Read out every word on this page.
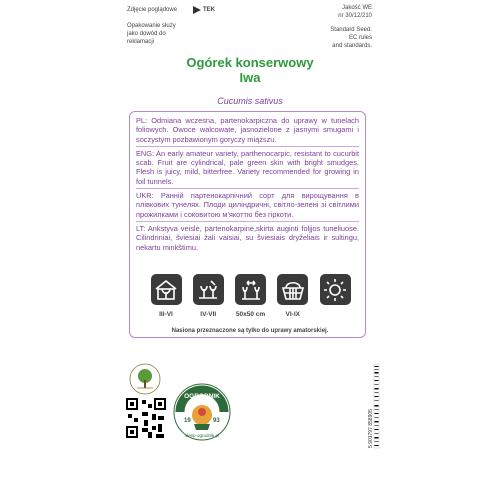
Zdjęcie poglądowe	TEK
Opakowanie służy jako dowód do reklamacji
Jakość WE
nr 30/12/210
Standard Seed.
EC rules
and standards.
Ogórek konserwowy
Iwa
Cucumis sativus

PL: Odmiana wczesna, partenokarpiczna do uprawy w tunelach foliowych. Owoce walcowate, jasnozielone z jasnymi smugami i soczystym pozbawionym goryczy miąższu.

ENG: An early amateur variety, parthenocarpic, resistant to cucurbit scab. Fruit are cylindrical, pale green skin with bright smudges. Flesh is juicy, mild, bitterfree. Variety recommended for growing in foil tunnels.

UKR: Ранній партенокарпічний сорт для вирощування в плівкових тунелях. Плоди циліндричні, світло-зелені зі світлими прожилками і соковитою м'якоттю без гіркоти.

LT: Ankstyva veislė, partenokarpinė,skirta auginti foljjos tuneliuose. Cilindriniai, šviesiai žali vaisiai, su šviesiais dryželiais ir sultingu, nekartu minkštimu.

III-VI	IV-VII	50x50 cm	VI-IX
Nasiona przeznaczone są tylko do uprawy amatorskiej.
OGRODNIK
19	93
sklep-ogrodnik.pl	5 901797 858905
